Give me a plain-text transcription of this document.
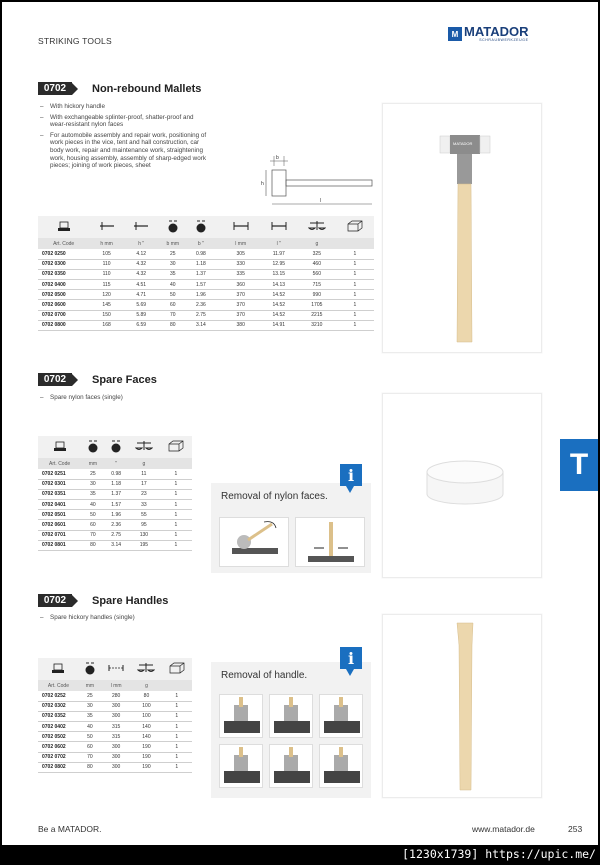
STRIKING TOOLS
M MATADOR
SCHRAUBWERKZEUGE
0702	Non-rebound Mallets
– With hickory handle
– With exchangeable splinter-proof, shatter-proof and wear-resistant nylon faces
– For automobile assembly and repair work, positioning of work pieces in the vice, tent and hall construction, car body work, repair and maintenance work, straightening work, housing assembly, assembly of sharp-edged work pieces; joining of work pieces, sheet
b
h
l

Art. Code	h mm	h "	b mm	b "		l mm	l "	g	
0702 0250	105	4.12	25	0.98		305	11.97	325	1
0702 0300	110	4.32	30	1.18		330	12.95	460	1
0702 0350	110	4.32	35	1.37		335	13.15	560	1
0702 0400	115	4.51	40	1.57		360	14.13	715	1
0702 0500	120	4.71	50	1.96		370	14.52	990	1
0702 0600	145	5.69	60	2.36		370	14.52	1705	1
0702 0700	150	5.89	70	2.75		370	14.52	2215	1
0702 0800	168	6.59	80	3.14		380	14.91	3210	1
MATADOR
0702	Spare Faces
– Spare nylon faces (single)

Art. Code	mm	"	g	
0702 0251	25	0.98	11	1
0702 0301	30	1.18	17	1
0702 0351	35	1.37	23	1
0702 0401	40	1.57	33	1
0702 0501	50	1.96	55	1
0702 0601	60	2.36	95	1
0702 0701	70	2.75	130	1
0702 0801	80	3.14	195	1
Removal of nylon faces.
i	T
0702	Spare Handles
– Spare hickory handles (single)

Art. Code	mm	l mm	g	
0702 0252	25	280	80	1
0702 0302	30	300	100	1
0702 0352	35	300	100	1
0702 0402	40	315	140	1
0702 0502	50	315	140	1
0702 0602	60	300	190	1
0702 0702	70	300	190	1
0702 0802	80	300	190	1
Removal of handle.
i
Be a MATADOR.	www.matador.de	253
[1230x1739] https://upic.me/
